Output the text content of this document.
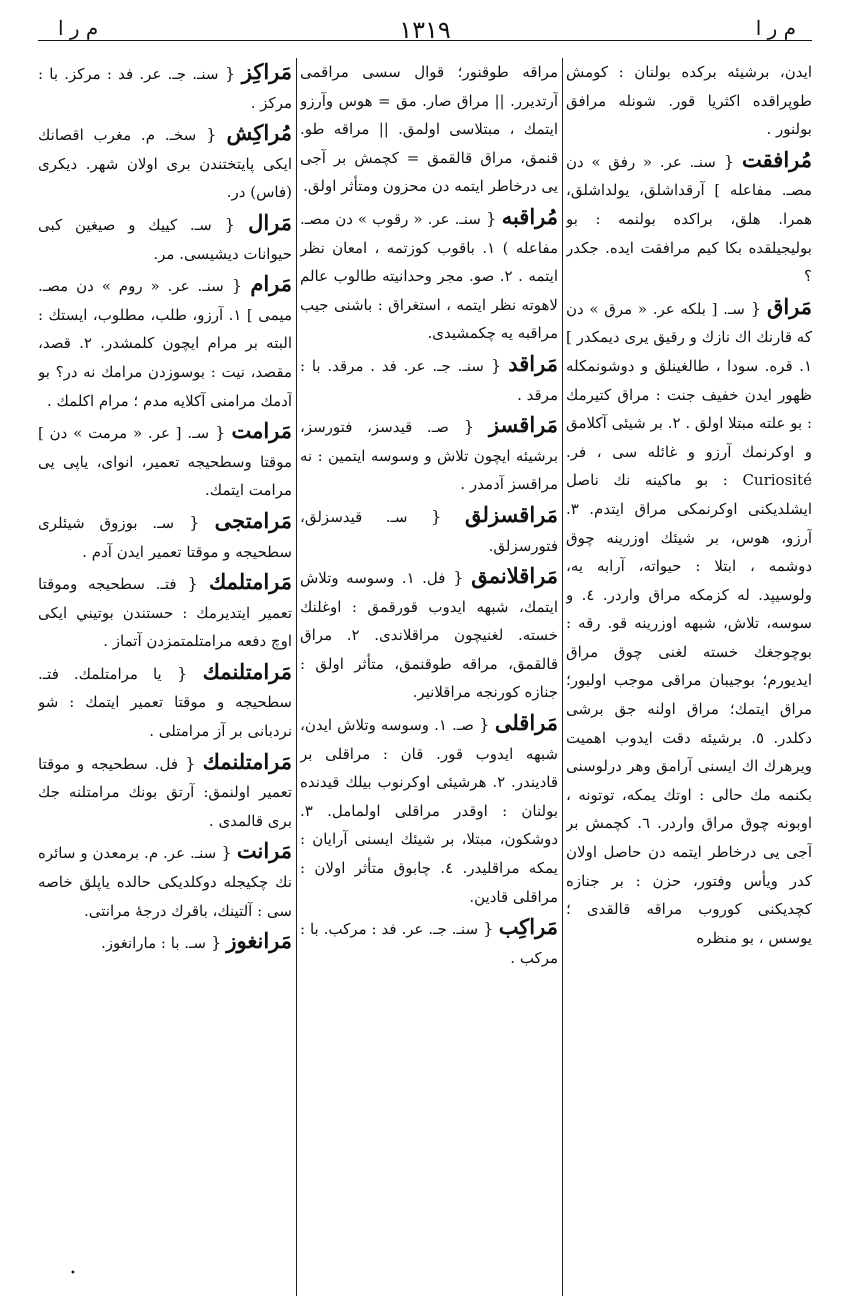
م ر ا
١٣١٩
م ر ا
ايدن، برشيئه بركده بولنان : كومش طوپراقده اكثريا قور. شونله مرافق بولنور .
مُرافقت { سنـ. عر. « رفق » دن مصـ. مفاعله ] آرقداشلق، يولداشلق، همرا. هلق، براكده بولنمه : بو بوليجيلقده بكا كيم مرافقت ايده. جكدر ؟
مَراق { سـ. [ بلكه عر. « مرق » دن كه قارنك اك نازك و رقيق يرى ديمكدر ] ١. قره. سودا ، طالغينلق و دوشونمكله ظهور ايدن خفيف جنت : مراق كتيرمك : بو علته مبتلا اولق . ٢. بر شيئى آكلامق و اوكرنمك آرزو و غائله سى ، فر. Curiosité : بو ماكينه نك ناصل ايشلديكنى اوكرنمكى مراق ايتدم. ٣. آرزو، هوس، بر شيئك اوزرينه چوق دوشمه ، ابتلا : حيواته، آرابه يه، ولوسيپد. له كزمكه مراق واردر. ٤. و سوسه، تلاش، شبهه اوزرينه قو. رقه : بوچوجغك خسته لغنى چوق مراق ايديورم؛ بوجيبان مراقى موجب اولبور؛ مراق ايتمك؛ مراق اولنه جق برشى دكلدر. ٥. برشيئه دقت ايدوب اهميت ويرهرك اك ايسنى آرامق وهر درلوسنى بكنمه مك حالى : اوتك يمكه، توتونه ، اوبونه چوق مراق واردر. ٦. كچمش بر آجى يى درخاطر ايتمه دن حاصل اولان كدر ويأس وفتور، حزن : بر جنازه كچديكنى كوروب مراقه قالقدى ؛ يوسس ، بو منظره
مراقه طوقنور؛ قوال سسى مراقمى آرتديرر. || مراق صار. مق = هوس وآرزو ايتمك ، مبتلاسى اولمق. || مراقه طو. قنمق، مراق قالقمق = كچمش بر آجى يى درخاطر ايتمه دن محزون ومتأثر اولق.
مُراقبه { سنـ. عر. « رقوب » دن مصـ. مفاعله ) ١. باقوب كوزتمه ، امعان نظر ايتمه . ٢. صو. مجر وحدانيته طالوب عالم لاهوته نظر ايتمه ، استغراق : باشنى جيب مراقبه يه چكمشيدى.
مَراقد { سنـ. جـ. عر. فد . مرقد. با : مرقد .
مَراقسز { صـ. قيدسز، فتورسز، برشيئه ايچون تلاش و وسوسه ايتمين : نه مراقسز آدمدر .
مَراقسزلق { سـ. قيدسزلق، فتورسزلق.
مَراقلانمق { فل. ١. وسوسه وتلاش ايتمك، شبهه ايدوب قورقمق : اوغلنك خسته. لغنيچون مراقلاندى. ٢. مراق قالقمق، مراقه طوقنمق، متأثر اولق : جنازه كورنجه مراقلانير.
مَراقلى { صـ. ١. وسوسه وتلاش ايدن، شبهه ايدوب قور. قان : مراقلى بر قاديندر. ٢. هرشيئى اوكرنوب بيلك قيدنده بولنان : اوقدر مراقلى اولمامل. ٣. دوشكون، مبتلا، بر شيئك ايسنى آرايان : يمكه مراقليدر. ٤. چابوق متأثر اولان : مراقلى قادين.
مَراكِب { سنـ. جـ. عر. فد : مركب. با : مركب .
مَراكِز { سنـ. جـ. عر. فد : مركز. با : مركز .
مُراكِش { سخـ. م. مغرب اقصانك ايكى پايتختندن برى اولان شهر. ديكرى (فاس) در.
مَرال { سـ. كييك و صيغين كبى حيوانات ديشيسى. مر.
مَرام { سنـ. عر. « روم » دن مصـ. ميمى ] ١. آرزو، طلب، مطلوب، ايستك : البته بر مرام ايچون كلمشدر. ٢. قصد، مقصد، نيت : بوسوزدن مرامك نه در؟ بو آدمك مرامنى آكلايه مدم ؛ مرام اكلمك .
مَرامت { سـ. [ عر. « مرمت » دن ] موقتا وسطحيجه تعمير، انواى، ياپى يى مرامت ايتمك.
مَرامتجى { سـ. بوزوق شيئلرى سطحيجه و موقتا تعمير ايدن آدم .
مَرامتلمك { فتـ. سطحيجه وموقتا تعمير ايتديرمك : حستندن بوتيني ايكى اوچ دفعه مرامتلمتمزدن آتماز .
مَرامتلنمك { يا مرامتلمك. فتـ. سطحيجه و موقتا تعمير ايتمك : شو نردبانى بر آز مرامتلى .
مَرامتلنمك { فل. سطحيجه و موقتا تعمير اولنمق: آرتق بونك مرامتلنه جك برى قالمدى .
مَرانت { سنـ. عر. م. برمعدن و سائره نك چكيجله دوكلديكى حالده ياپلق خاصه سى : آلتينك، باقرك درجۀ مرانتى.
مَرانغوز { سـ. با : مارانغوز.
•
